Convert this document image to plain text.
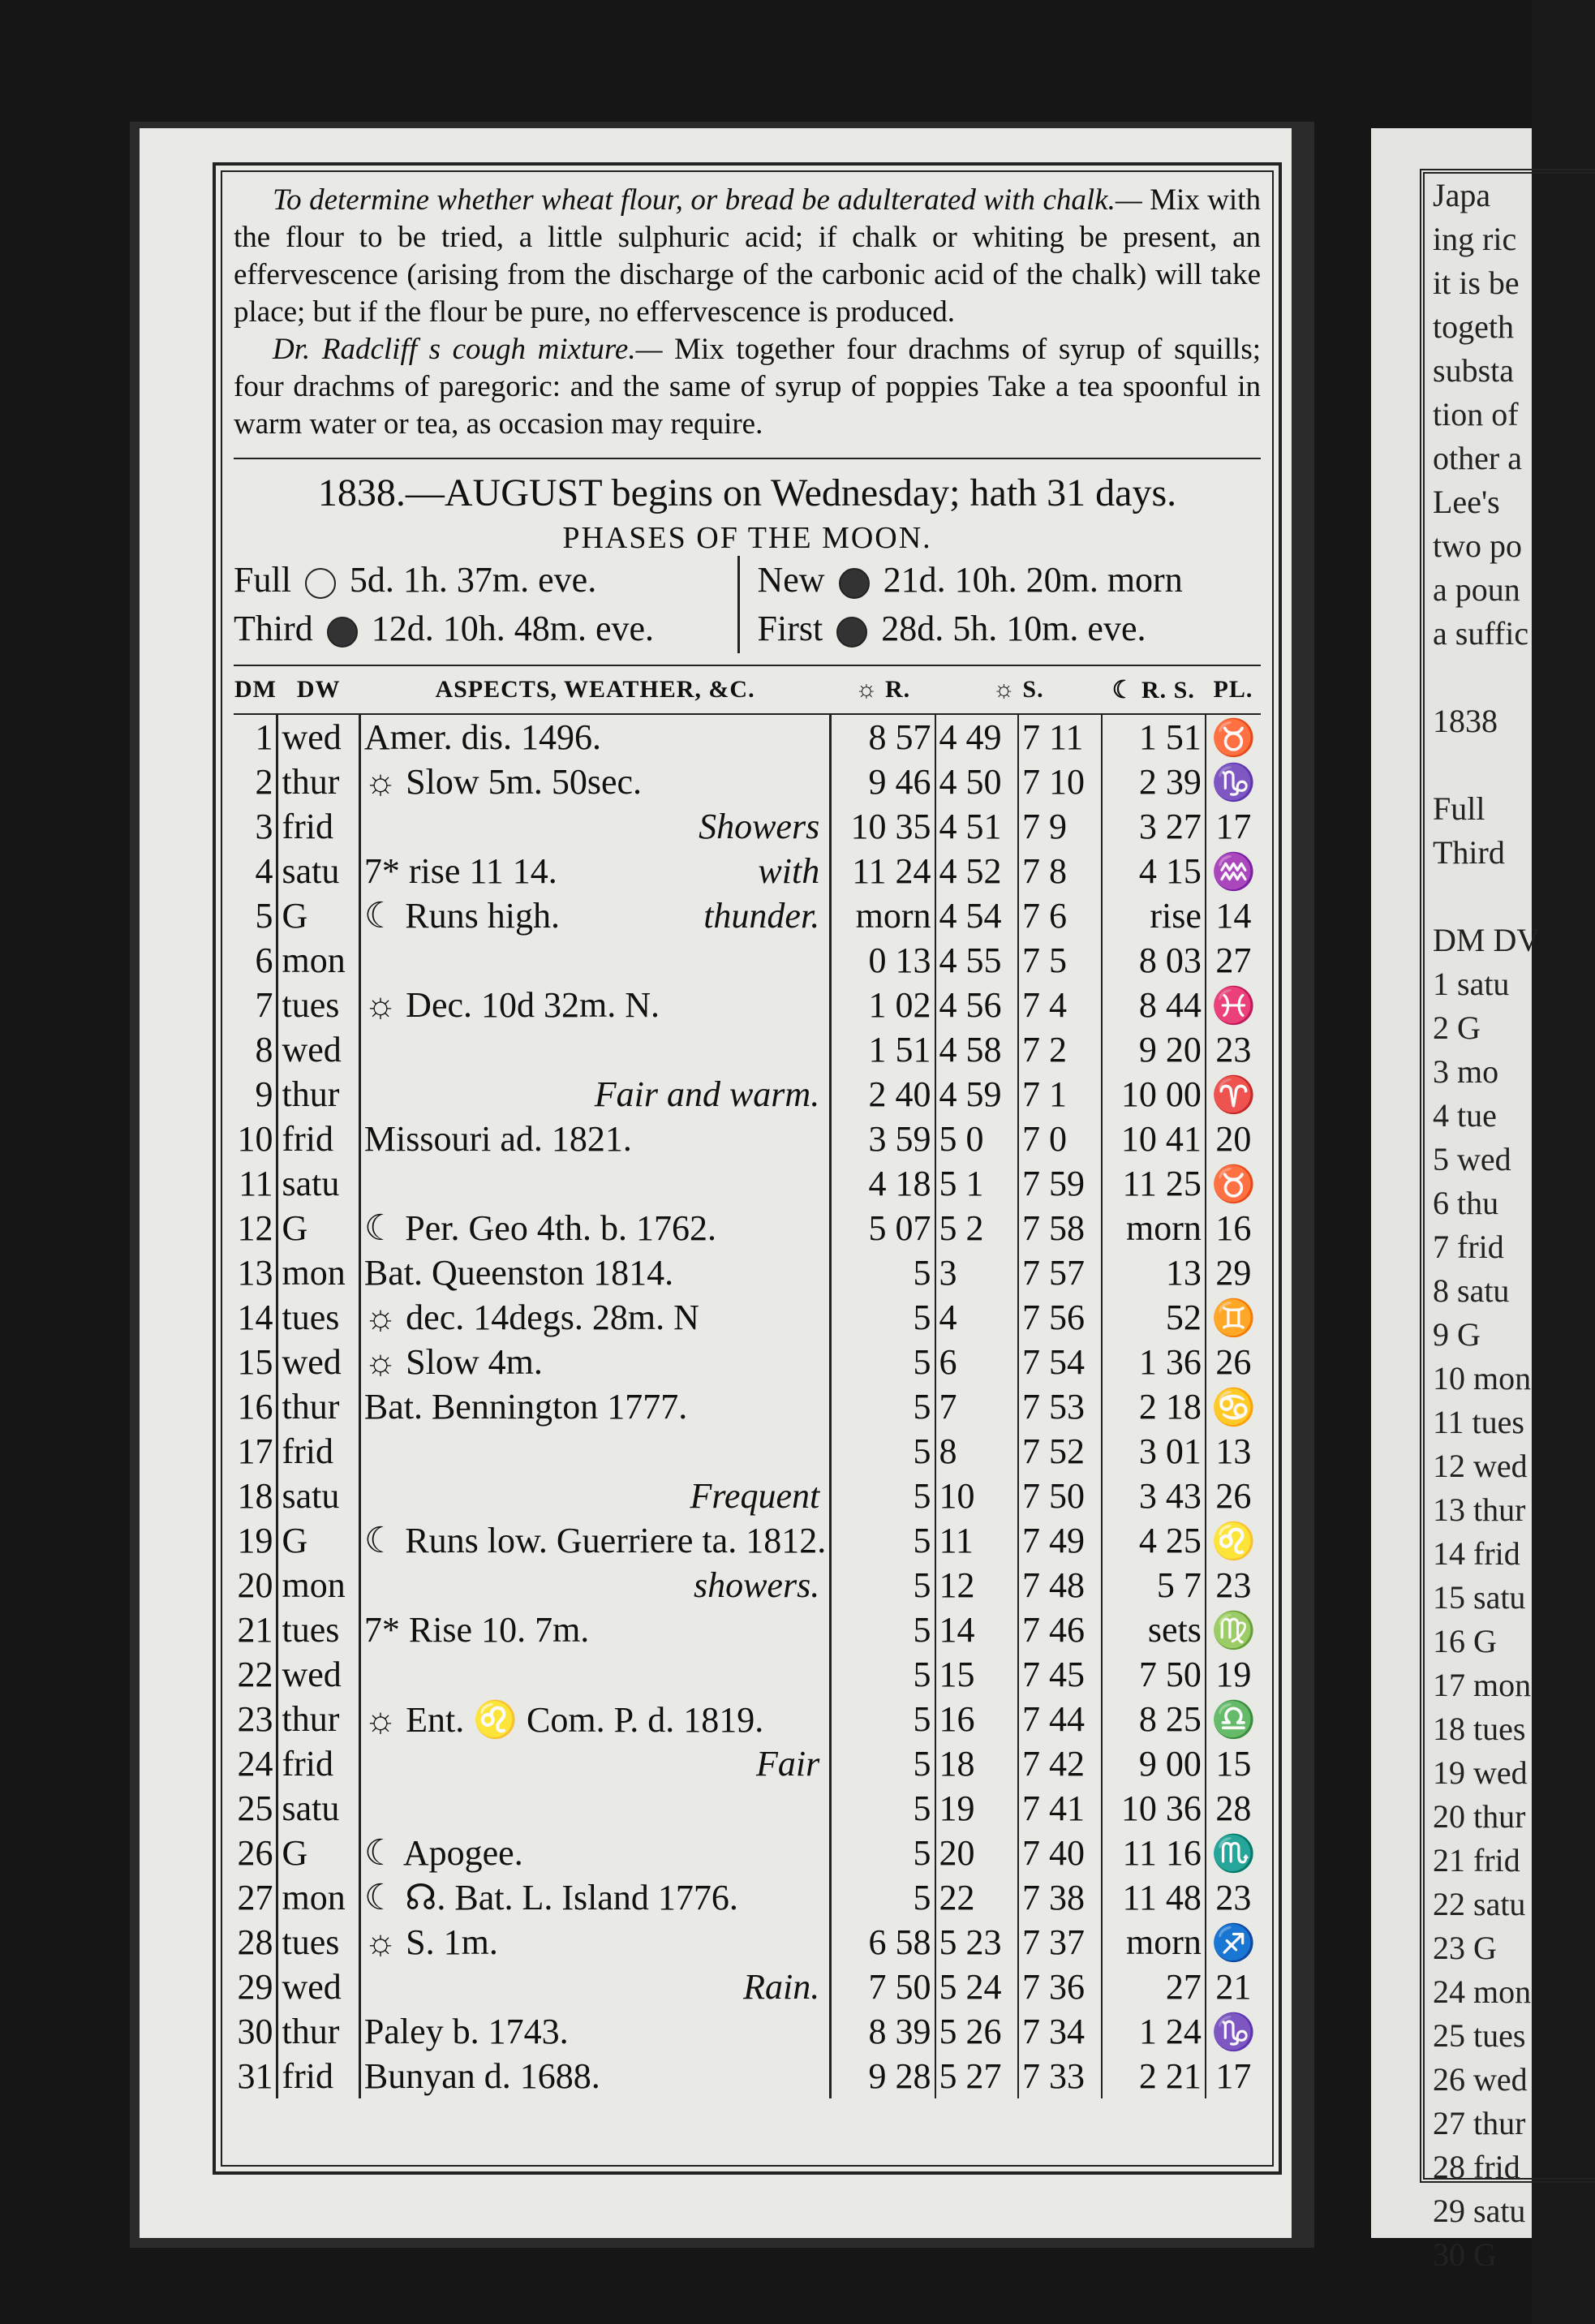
To determine whether wheat flour, or bread be adulterated with chalk.— Mix with the flour to be tried, a little sulphuric acid; if chalk or whiting be present, an effervescence (arising from the discharge of the carbonic acid of the chalk) will take place; but if the flour be pure, no effervescence is produced.

Dr. Radcliff s cough mixture.— Mix together four drachms of syrup of squills; four drachms of paregoric: and the same of syrup of poppies Take a tea spoonful in warm water or tea, as occasion may require.

1838.—AUGUST begins on Wednesday; hath 31 days.
PHASES OF THE MOON.
Full 5d. 1h. 37m. eve.
Third 12d. 10h. 48m. eve.
New 21d. 10h. 20m. morn
First 28d. 5h. 10m. eve.
DM	DW	ASPECTS, WEATHER, &C.	☼ R.	☼ S.		☾ R. S.	PL.
1	wed	Amer. dis. 1496.	8 57	4 49	7 11	1 51	♉
2	thur	☼ Slow 5m. 50sec.	9 46	4 50	7 10	2 39	♑
3	frid	Showers	10 35	4 51	7 9	3 27	17
4	satu	7* rise 11 14. with	11 24	4 52	7 8	4 15	♒
5	G	☾ Runs high. thunder.	morn	4 54	7 6	rise	14
6	mon		0 13	4 55	7 5	8 03	27
7	tues	☼ Dec. 10d 32m. N.	1 02	4 56	7 4	8 44	♓
8	wed		1 51	4 58	7 2	9 20	23
9	thur	Fair and warm.	2 40	4 59	7 1	10 00	♈
10	frid	Missouri ad. 1821.	3 59	5 0	7 0	10 41	20
11	satu		4 18	5 1	7 59	11 25	♉
12	G	☾ Per. Geo 4th. b. 1762.	5 07	5 2	7 58	morn	16
13	mon	Bat. Queenston 1814.	5	3	7 57	13	29
14	tues	☼ dec. 14degs. 28m. N	5	4	7 56	52	♊
15	wed	☼ Slow 4m.	5	6	7 54	1 36	26
16	thur	Bat. Bennington 1777.	5	7	7 53	2 18	♋
17	frid		5	8	7 52	3 01	13
18	satu	Frequent	5	10	7 50	3 43	26
19	G	☾ Runs low. Guerriere ta. 1812.	5	11	7 49	4 25	♌
20	mon	showers.	5	12	7 48	5 7	23
21	tues	7* Rise 10. 7m.	5	14	7 46	sets	♍
22	wed		5	15	7 45	7 50	19
23	thur	☼ Ent. ♌ Com. P. d. 1819.	5	16	7 44	8 25	♎
24	frid	Fair	5	18	7 42	9 00	15
25	satu		5	19	7 41	10 36	28
26	G	☾ Apogee.	5	20	7 40	11 16	♏
27	mon	☾ ☊. Bat. L. Island 1776.	5	22	7 38	11 48	23
28	tues	☼ S. 1m.	6 58	5 23	7 37	morn	♐
29	wed	Rain.	7 50	5 24	7 36	27	21
30	thur	Paley b. 1743.	8 39	5 26	7 34	1 24	♑
31	frid	Bunyan d. 1688.	9 28	5 27	7 33	2 21	17
Japa
ing ric
it is be
togeth
substa
tion of
other a
Lee's
two po
a poun
a suffic
1838
Full
Third
DM DV
1 satu
2 G
3 mo
4 tue
5 wed
6 thu
7 frid
8 satu
9 G
10 mon
11 tues
12 wed
13 thur
14 frid
15 satu
16 G
17 mon
18 tues
19 wed
20 thur
21 frid
22 satu
23 G
24 mon
25 tues
26 wed
27 thur
28 frid
29 satu
30 G
